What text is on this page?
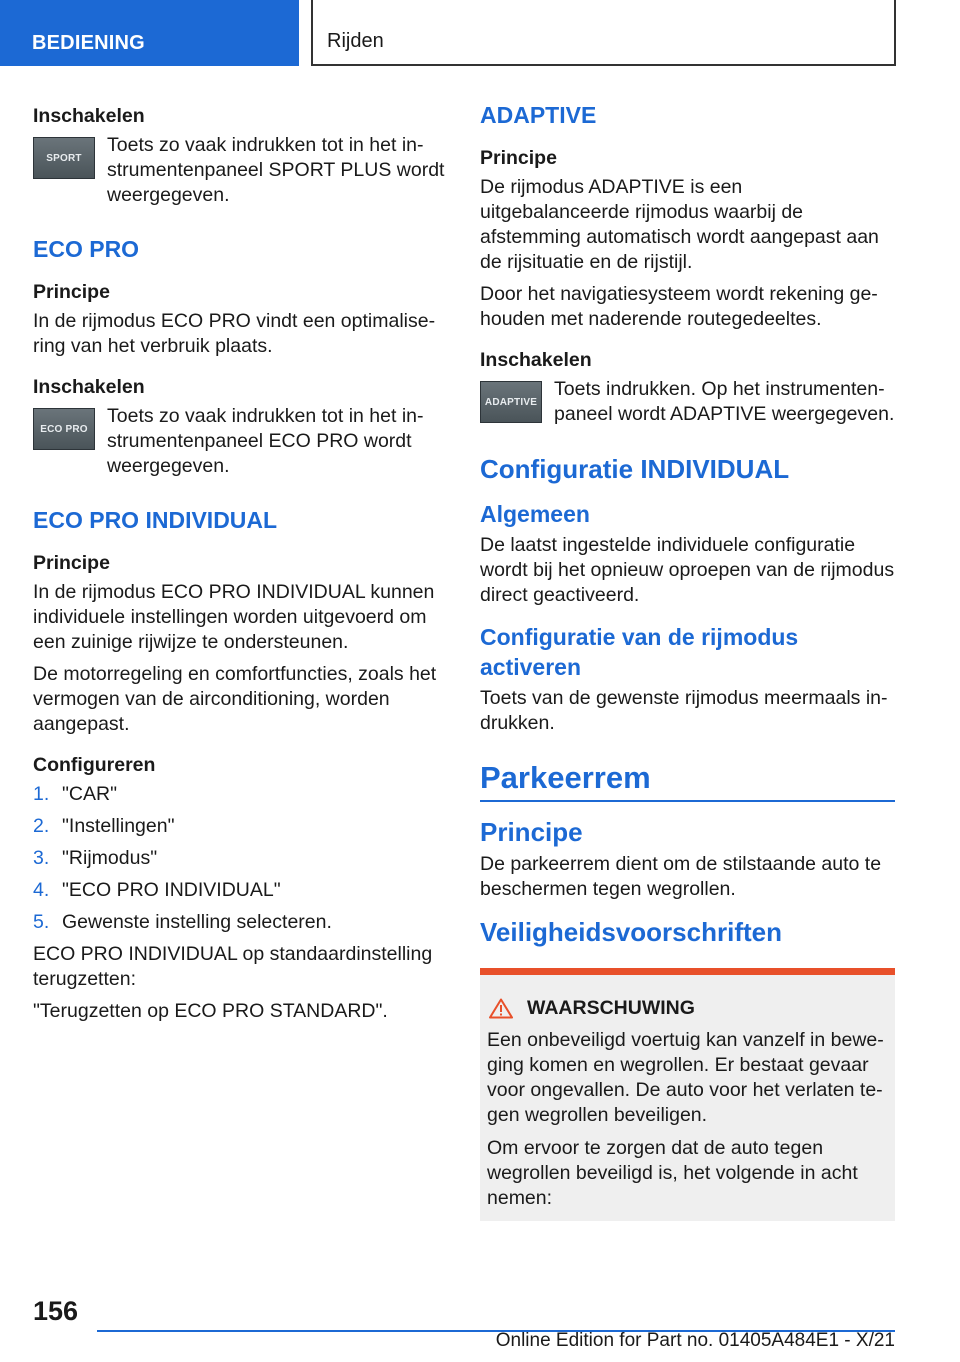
BEDIENING	Rijden
Inschakelen
SPORT

Toets zo vaak indrukken tot in het instrumentenpaneel SPORT PLUS wordt weergegeven.

ECO PRO
Principe

In de rijmodus ECO PRO vindt een optimalisering van het verbruik plaats.

Inschakelen
ECO PRO

Toets zo vaak indrukken tot in het instrumentenpaneel ECO PRO wordt weergegeven.

ECO PRO INDIVIDUAL
Principe

In de rijmodus ECO PRO INDIVIDUAL kunnen individuele instellingen worden uitgevoerd om een zuinige rijwijze te ondersteunen.

De motorregeling en comfortfuncties, zoals het vermogen van de airconditioning, worden aangepast.

Configureren
1. "CAR"
2. "Instellingen"
3. "Rijmodus"
4. "ECO PRO INDIVIDUAL"
5. Gewenste instelling selecteren.

ECO PRO INDIVIDUAL op standaardinstelling terugzetten:

"Terugzetten op ECO PRO STANDARD".

ADAPTIVE
Principe

De rijmodus ADAPTIVE is een uitgebalanceerde rijmodus waarbij de afstemming automatisch wordt aangepast aan de rijsituatie en de rijstijl.

Door het navigatiesysteem wordt rekening gehouden met naderende routegedeeltes.

Inschakelen
ADAPTIVE

Toets indrukken. Op het instrumentenpaneel wordt ADAPTIVE weergegeven.

Configuratie INDIVIDUAL
Algemeen

De laatst ingestelde individuele configuratie wordt bij het opnieuw oproepen van de rijmodus direct geactiveerd.

Configuratie van de rijmodus activeren

Toets van de gewenste rijmodus meermaals indrukken.

Parkeerrem
Principe

De parkeerrem dient om de stilstaande auto te beschermen tegen wegrollen.

Veiligheidsvoorschriften
WAARSCHUWING

Een onbeveiligd voertuig kan vanzelf in beweging komen en wegrollen. Er bestaat gevaar voor ongevallen. De auto voor het verlaten tegen wegrollen beveiligen.

Om ervoor te zorgen dat de auto tegen wegrollen beveiligd is, het volgende in acht nemen:

156
Online Edition for Part no. 01405A484E1 - X/21
